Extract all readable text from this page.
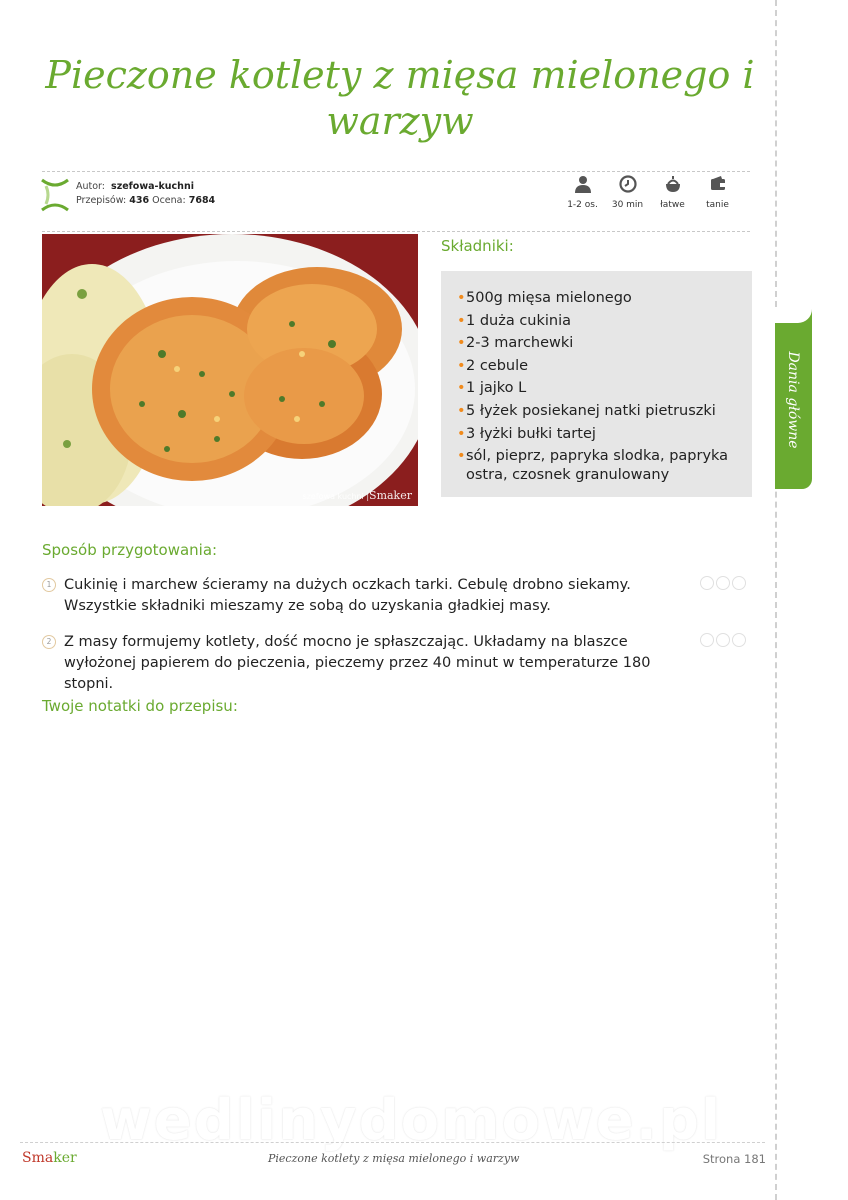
Pieczone kotlety z mięsa mielonego i warzyw
Autor: szefowa-kuchni
Przepisów: 436 Ocena: 7684	1-2 os. 30 min łatwe tanie
szefowa kuchni |Smaker
Składniki:
• 500g mięsa mielonego
• 1 duża cukinia
• 2-3 marchewki
• 2 cebule
• 1 jajko L
• 5 łyżek posiekanej natki pietruszki
• 3 łyżki bułki tartej
• sól, pieprz, papryka slodka, papryka ostra, czosnek granulowany
Sposób przygotowania:
1 Cukinię i marchew ścieramy na dużych oczkach tarki. Cebulę drobno siekamy. Wszystkie składniki mieszamy ze sobą do uzyskania gładkiej masy.
2 Z masy formujemy kotlety, dość mocno je spłaszczając. Układamy na blaszce wyłożonej papierem do pieczenia, pieczemy przez 40 minut w temperaturze 180 stopni.
Twoje notatki do przepisu:
Dania główne
wedlinydomowe.pl
Smaker	Pieczone kotlety z mięsa mielonego i warzyw	Strona 181
